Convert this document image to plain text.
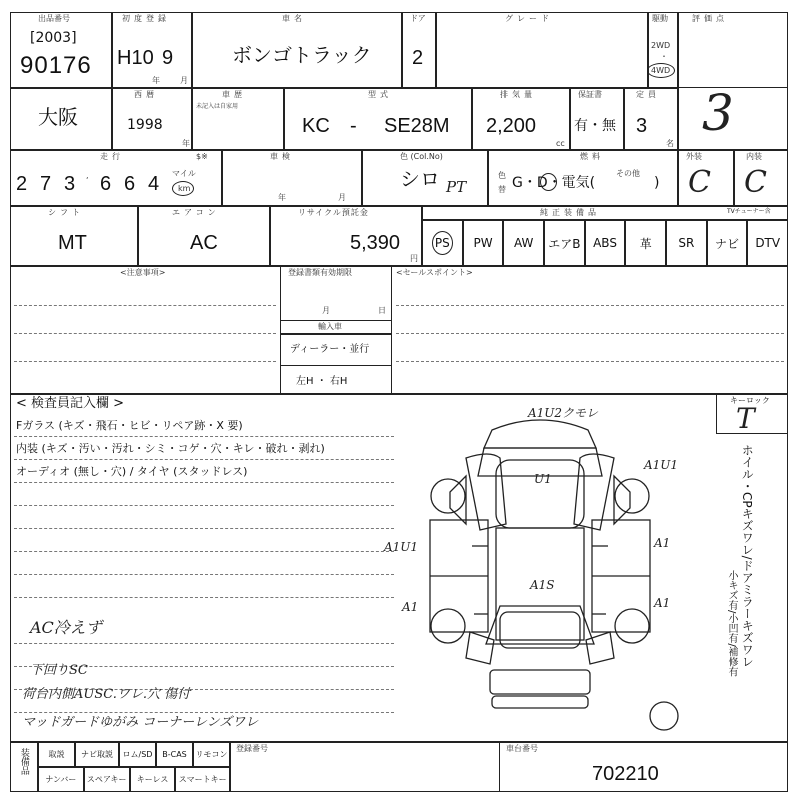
出品番号
[2003]
90176
初度登録
H10 9
年	月
車名
ボンゴトラック
ドア
2
グレード	駆動
2WD
・
4WD
評価点
大阪
西暦
1998
年
車歴
未記入は自家用
型式
KC - SE28M
排気量
2,200
cc
保証書
有・無
定員
3
名
3
走行
2 7 3 , 6 6 4 マイル
km
$※	車検
年	月
色 (Col.No)
シロ PT
色
替
燃料
G・D・電気(
その他
)
外装
C
内装
C
シフト
MT
エアコン
AC
リサイクル預託金
5,390
円
純正装備品	TVチューナー含
PS	PW	AW	エアB	ABS	革	SR	ナビ	DTV
<注意事項>	登録書類有効期限
月	日
輸入車
ディーラー・並行
左H ・ 右H
<セールスポイント>
< 検査員記入欄 >
Fガラス (キズ・飛石・ヒビ・リペア跡・X 要)
内装 (キズ・汚い・汚れ・シミ・コゲ・穴・キレ・破れ・剥れ)
オーディオ (無し・穴) / タイヤ (スタッドレス)
AC冷えず
下回りSC
荷台内側AUSC.ワレ.穴 傷付
マッドガードゆがみ コーナーレンズワレ
A1U2クモレ
U1
A1U1
A1U1	A1
A1S
A1	A1
キーロック
T
ホイル・CPキズワレ/ドアミラーキズワレ
小キズ有/小凹有/補修有
装備品	取説	ナビ取説	ロム/SD	B-CAS	リモコン
ナンバー	スペアキー	キーレス	スマートキー
登録番号	車台番号
702210
